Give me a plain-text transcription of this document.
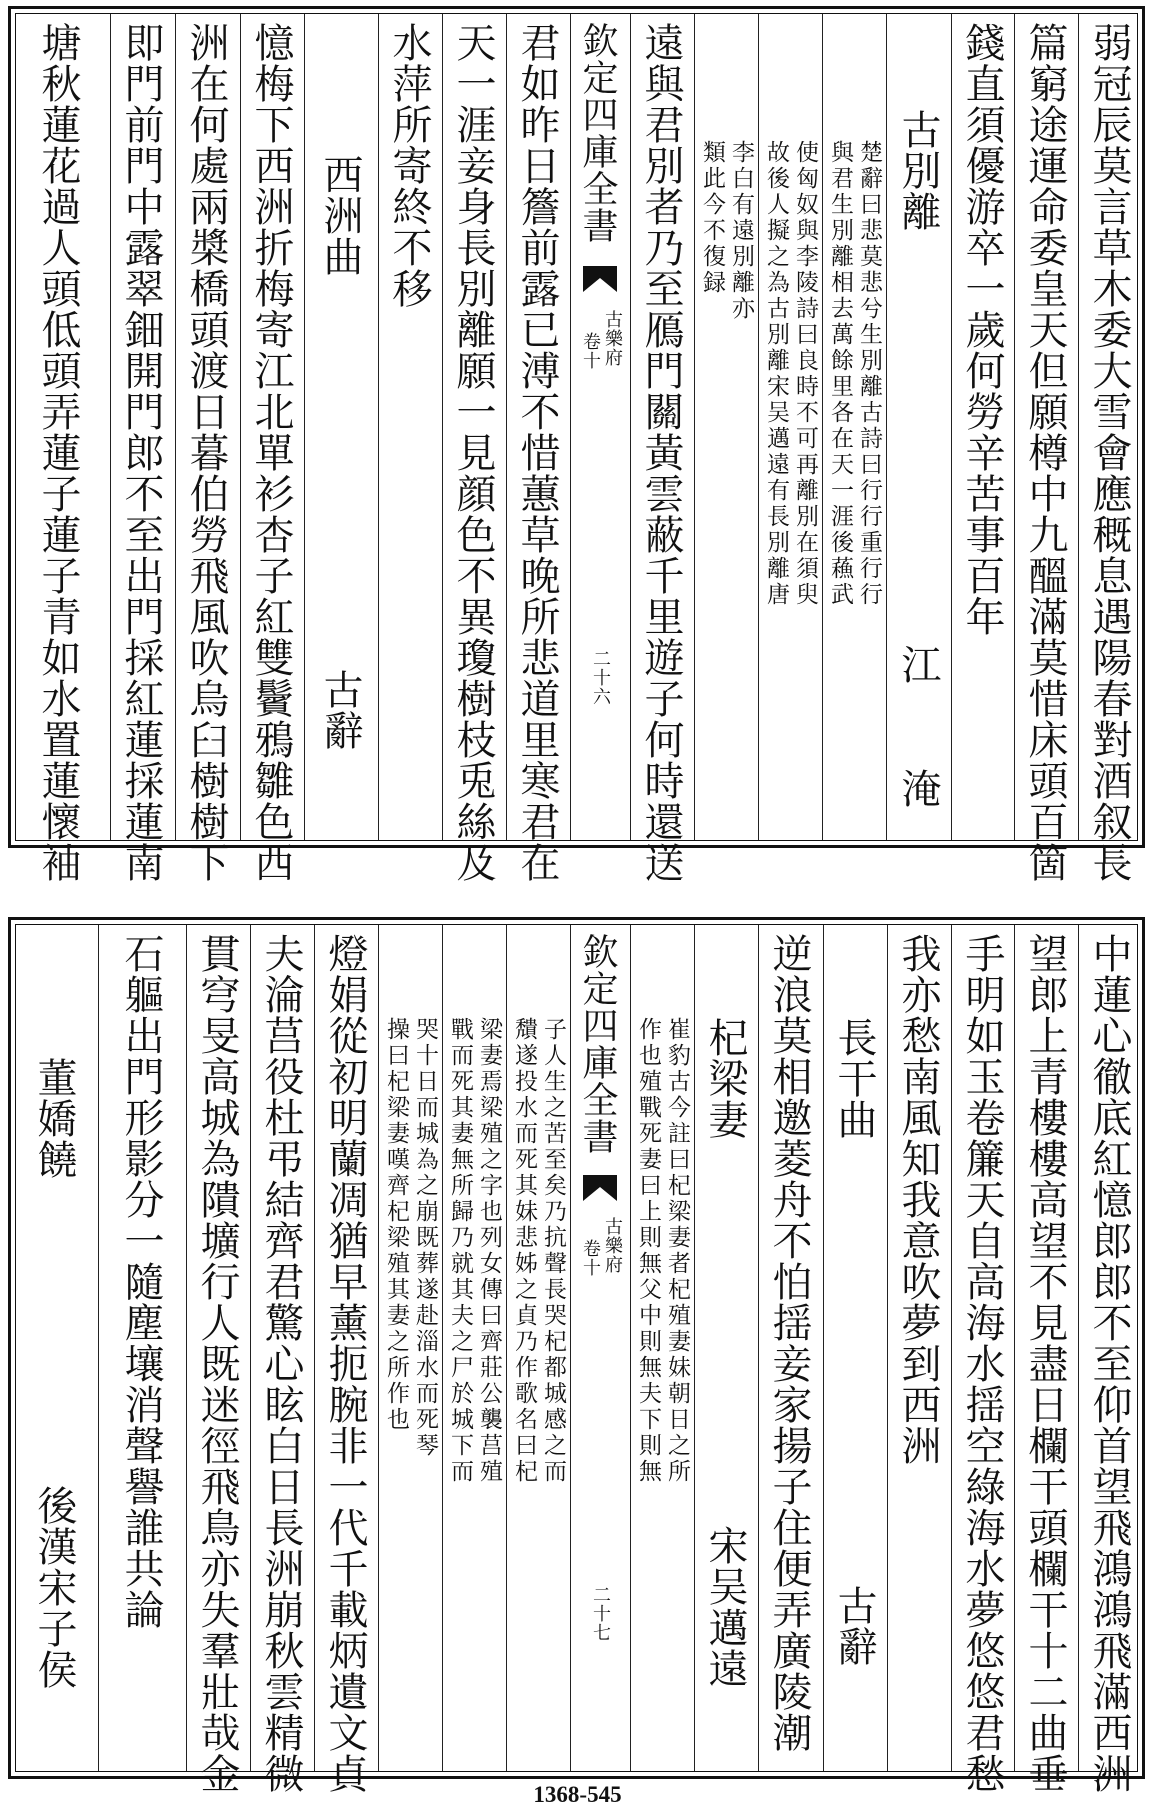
弱冠辰莫言草木委大雪會應穊息遇陽春對酒叙長
篇窮途運命委皇天但願樽中九醞滿莫惜床頭百箇
錢直須優游卒一歲何勞辛苦事百年
古別離
江　淹
楚辭曰悲莫悲兮生別離古詩曰行行重行行
與君生別離相去萬餘里各在天一涯後蘓武
使匈奴與李陵詩曰良時不可再離別在須臾
故後人擬之為古別離宋吴邁遠有長別離唐
李白有遠別離亦
類此今不復録
遠與君別者乃至鴈門關黃雲蔽千里遊子何時還送
欽定四庫全書
古樂府
卷十
二十六
君如昨日簷前露已溥不惜蕙草晚所悲道里寒君在
天一涯妾身長別離願一見顔色不異瓊樹枝兎絲及
水萍所寄終不移
西洲曲
古辭
憶梅下西洲折梅寄江北單衫杏子紅雙鬢鴉雛色西
洲在何處兩槳橋頭渡日暮伯勞飛風吹烏臼樹樹下
即門前門中露翠鈿開門郎不至出門採紅蓮採蓮南
塘秋蓮花過人頭低頭弄蓮子蓮子青如水置蓮懷袖
中蓮心徹底紅憶郎郎不至仰首望飛鴻鴻飛滿西洲
望郎上青樓樓高望不見盡日欄干頭欄干十二曲垂
手明如玉卷簾天自高海水揺空綠海水夢悠悠君愁
我亦愁南風知我意吹夢到西洲
長干曲
古辭
逆浪莫相邀菱舟不怕揺妾家揚子住便弄廣陵潮
杞梁妻
宋吴邁遠
崔豹古今註曰杞梁妻者杞殖妻妹朝日之所
作也殖戰死妻曰上則無父中則無夫下則無
欽定四庫全書
古樂府
卷十
二十七
子人生之苦至矣乃抗聲長哭杞都城感之而
穨遂投水而死其妹悲姊之貞乃作歌名曰杞
梁妻焉梁殖之字也列女傳曰齊莊公襲莒殖
戰而死其妻無所歸乃就其夫之尸於城下而
哭十日而城為之崩既葬遂赴淄水而死琴
操曰杞梁妻嘆齊杞梁殖其妻之所作也
燈娟從初明蘭凋猶早薰扼腕非一代千載炳遺文貞
夫淪莒役杜弔結齊君驚心眩白日長洲崩秋雲精微
貫穹旻高城為隤壙行人既迷徑飛鳥亦失羣壯哉金
石軀出門形影分一隨塵壤消聲譽誰共論
董嬌饒
後漢宋子侯
1368-545
